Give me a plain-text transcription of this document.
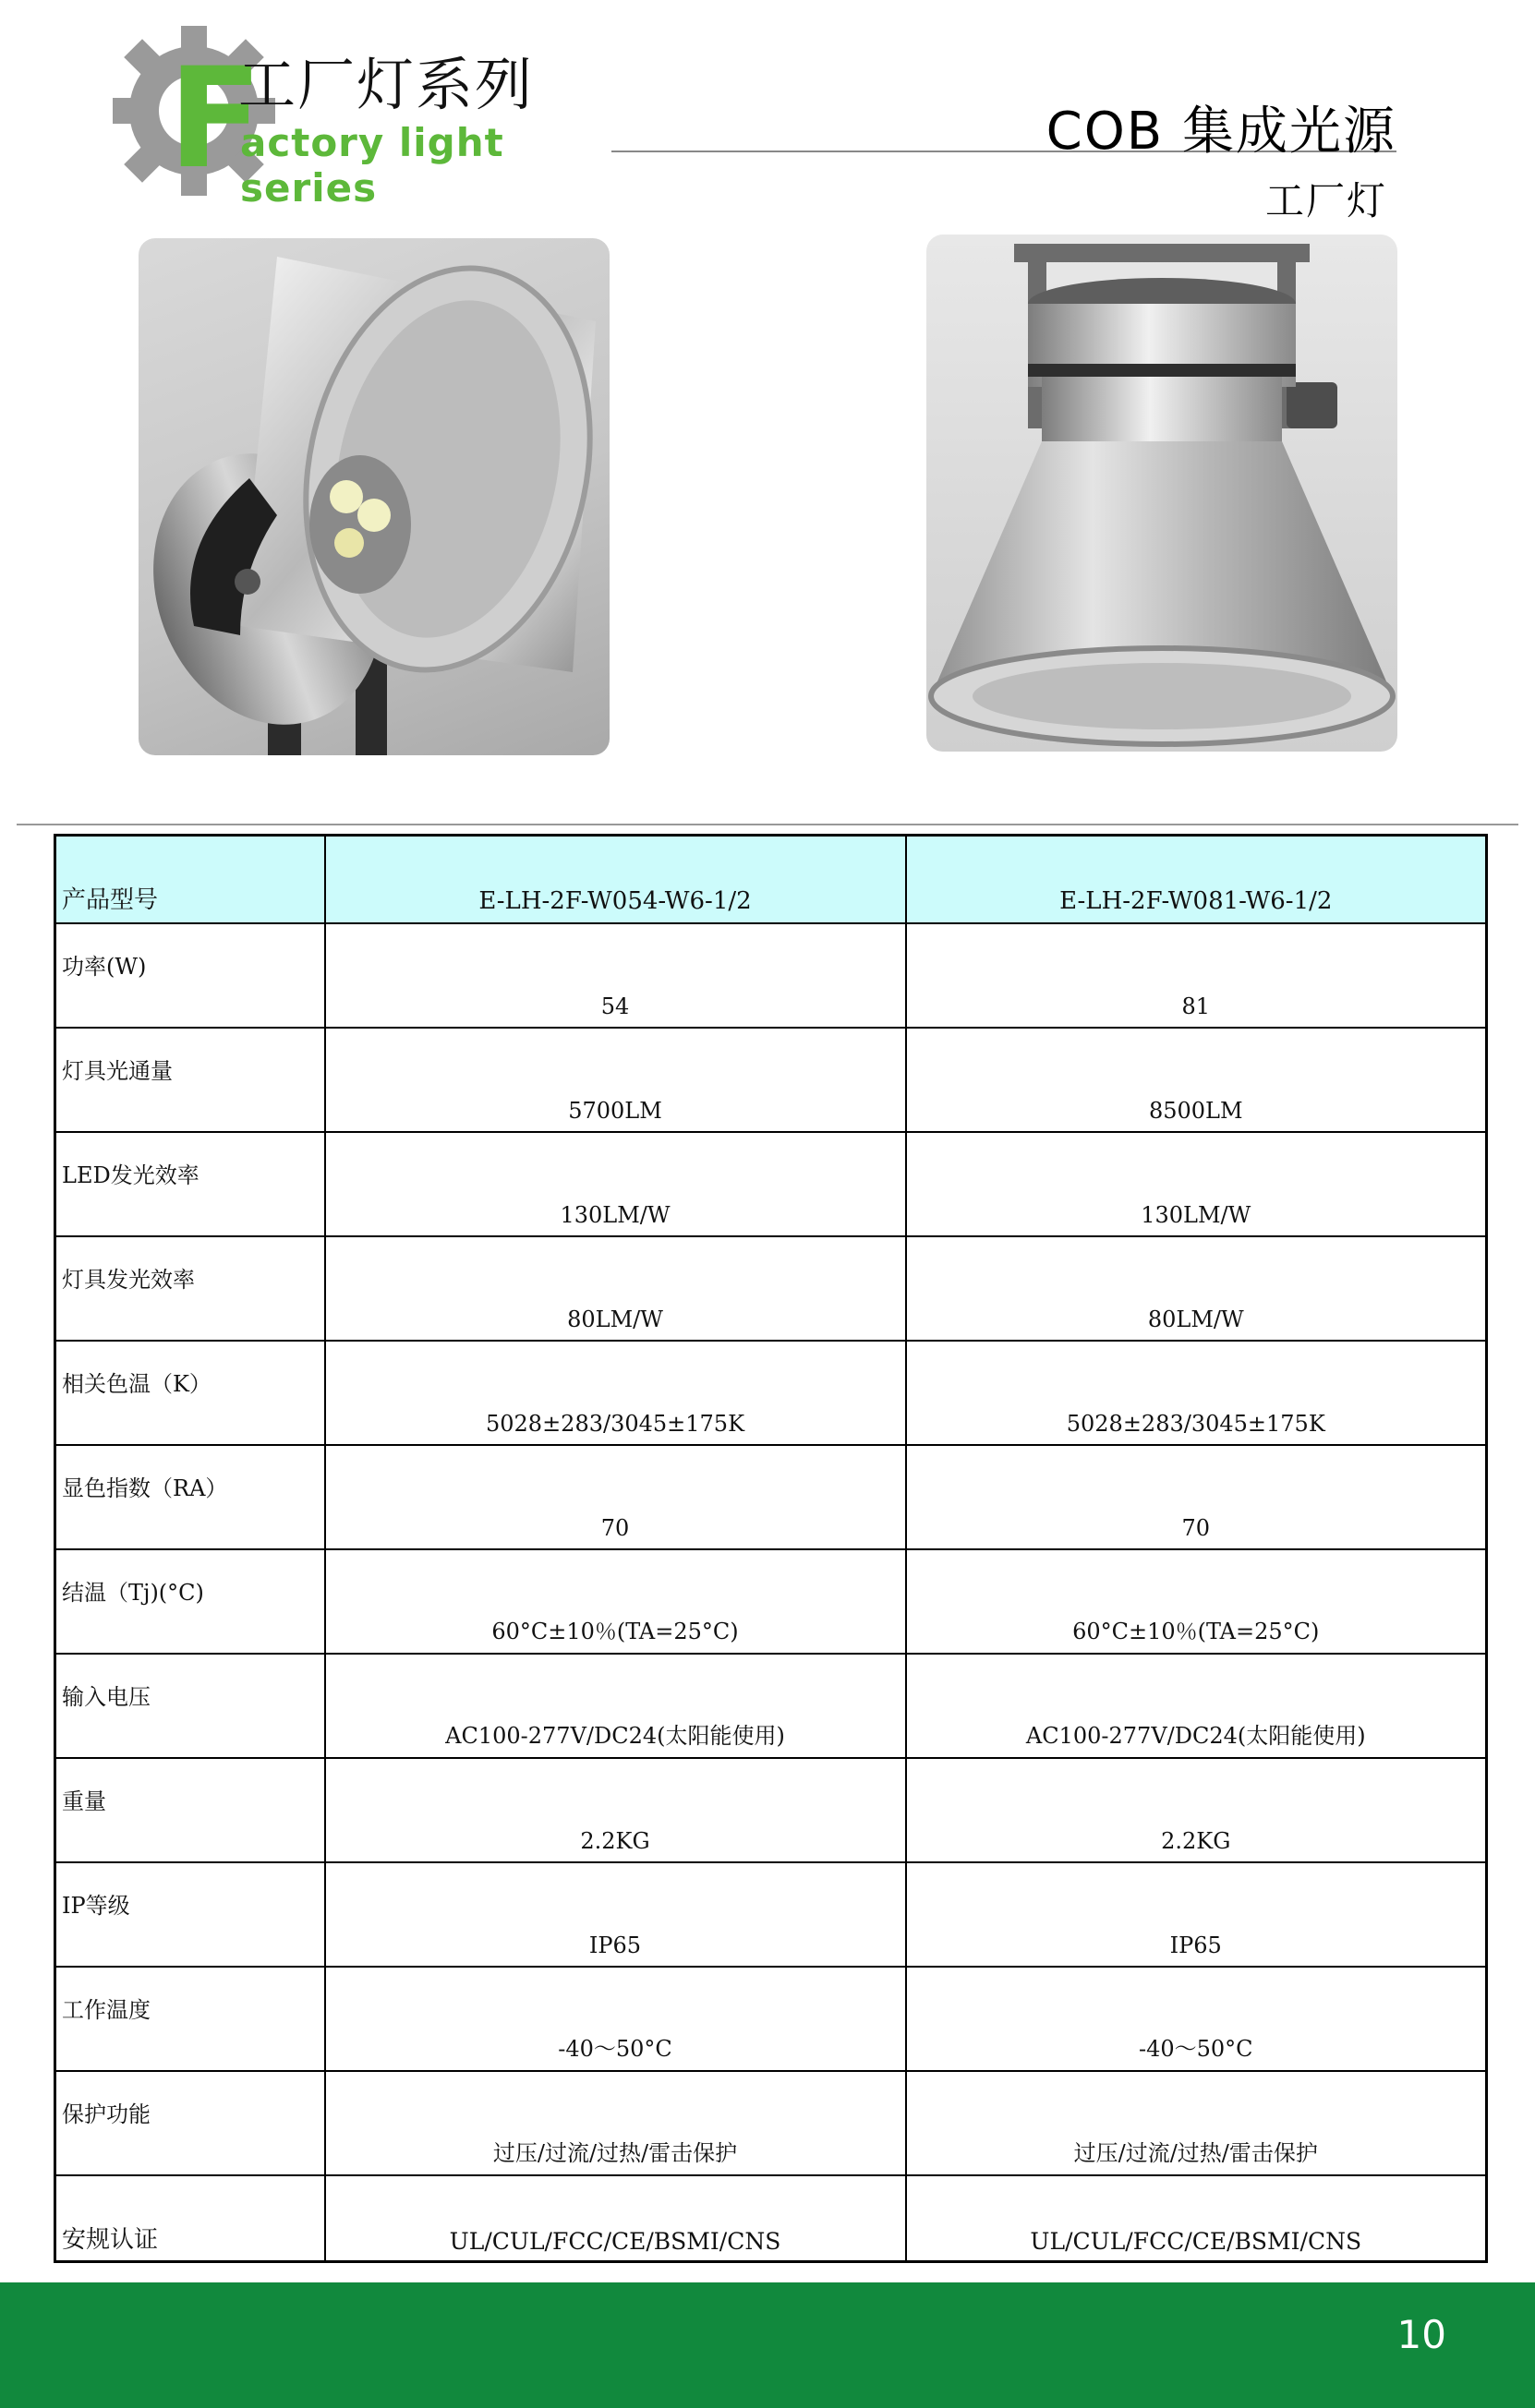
F
工厂灯系列
actory light series
COB 集成光源
工厂灯
产品型号	E-LH-2F-W054-W6-1/2	E-LH-2F-W081-W6-1/2
功率(W)	54	81
灯具光通量	5700LM	8500LM
LED发光效率	130LM/W	130LM/W
灯具发光效率	80LM/W	80LM/W
相关色温（K）	5028±283/3045±175K	5028±283/3045±175K
显色指数（RA）	70	70
结温（Tj)(°C)	60°C±10％(TA=25°C)	60°C±10％(TA=25°C)
输入电压	AC100-277V/DC24(太阳能使用)	AC100-277V/DC24(太阳能使用)
重量	2.2KG	2.2KG
IP等级	IP65	IP65
工作温度	-40～50°C	-40～50°C
保护功能	过压/过流/过热/雷击保护	过压/过流/过热/雷击保护
安规认证	UL/CUL/FCC/CE/BSMI/CNS	UL/CUL/FCC/CE/BSMI/CNS
10
